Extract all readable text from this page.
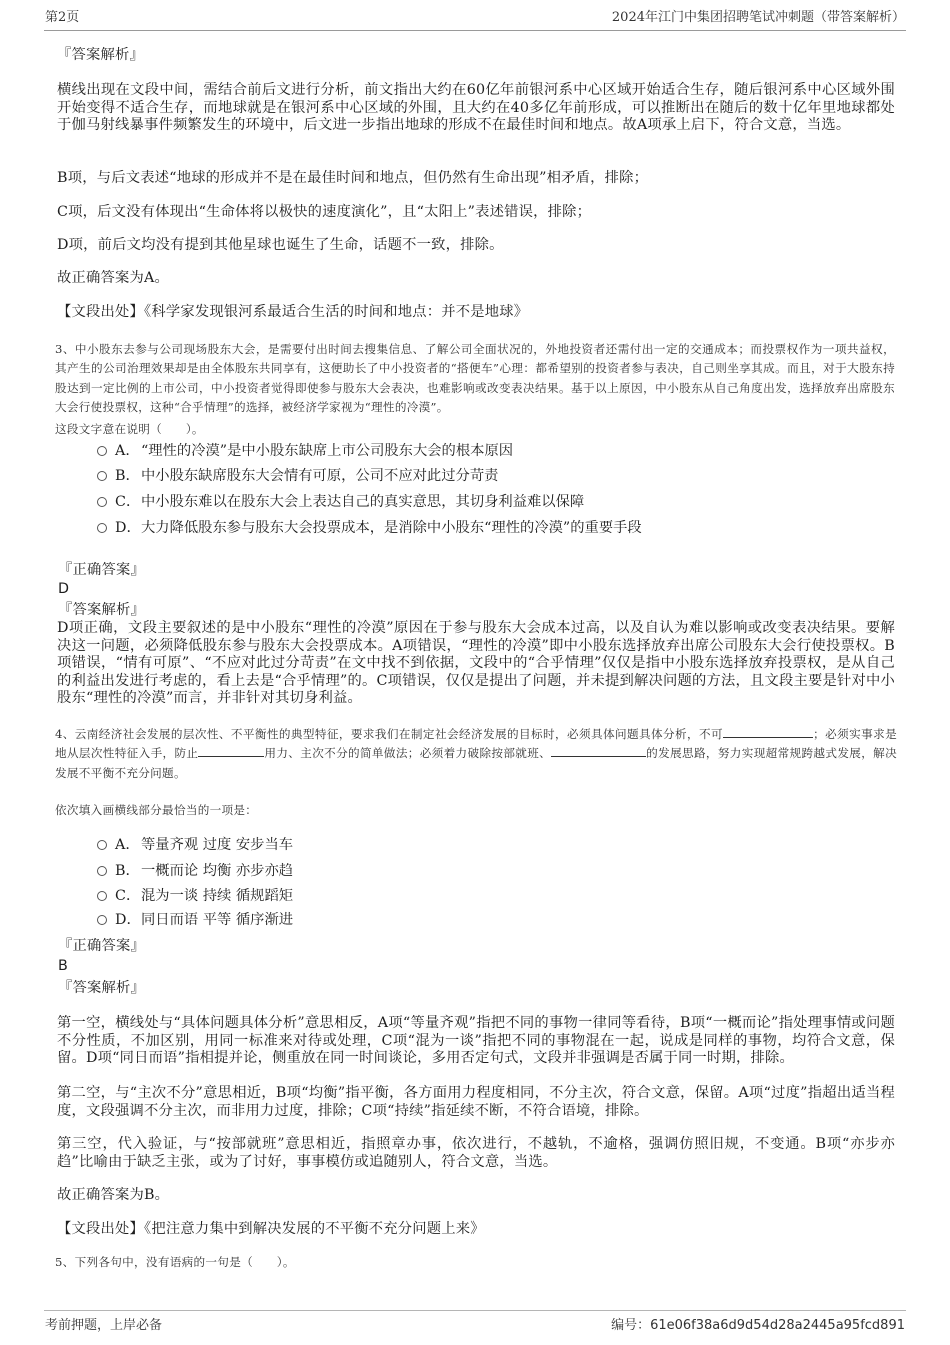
第2页	2024年江门中集团招聘笔试冲刺题（带答案解析）
『答案解析』
横线出现在文段中间，需结合前后文进行分析，前文指出大约在60亿年前银河系中心区域开始适合生存，随后银河系中心区域外围开始变得不适合生存，而地球就是在银河系中心区域的外围，且大约在40多亿年前形成，可以推断出在随后的数十亿年里地球都处于伽马射线暴事件频繁发生的环境中，后文进一步指出地球的形成不在最佳时间和地点。故A项承上启下，符合文意，当选。
B项，与后文表述“地球的形成并不是在最佳时间和地点，但仍然有生命出现”相矛盾，排除；
C项，后文没有体现出“生命体将以极快的速度演化”，且“太阳上”表述错误，排除；
D项，前后文均没有提到其他星球也诞生了生命，话题不一致，排除。
故正确答案为A。
【文段出处】《科学家发现银河系最适合生活的时间和地点：并不是地球》
3、中小股东去参与公司现场股东大会，是需要付出时间去搜集信息、了解公司全面状况的，外地投资者还需付出一定的交通成本；而投票权作为一项共益权，其产生的公司治理效果却是由全体股东共同享有，这便助长了中小投资者的“搭便车”心理：都希望别的投资者参与表决，自己则坐享其成。而且，对于大股东持股达到一定比例的上市公司，中小投资者觉得即使参与股东大会表决，也难影响或改变表决结果。基于以上原因，中小股东从自己角度出发，选择放弃出席股东大会行使投票权，这种“合乎情理”的选择，被经济学家视为“理性的冷漠”。
这段文字意在说明（　　）。
A．“理性的冷漠”是中小股东缺席上市公司股东大会的根本原因
B．中小股东缺席股东大会情有可原，公司不应对此过分苛责
C．中小股东难以在股东大会上表达自己的真实意思，其切身利益难以保障
D．大力降低股东参与股东大会投票成本，是消除中小股东“理性的冷漠”的重要手段
『正确答案』
D
『答案解析』
D项正确，文段主要叙述的是中小股东“理性的冷漠”原因在于参与股东大会成本过高，以及自认为难以影响或改变表决结果。要解决这一问题，必须降低股东参与股东大会投票成本。A项错误，“理性的冷漠”即中小股东选择放弃出席公司股东大会行使投票权。B项错误，“情有可原”、“不应对此过分苛责”在文中找不到依据，文段中的“合乎情理”仅仅是指中小股东选择放弃投票权，是从自己的利益出发进行考虑的，看上去是“合乎情理”的。C项错误，仅仅是提出了问题，并未提到解决问题的方法，且文段主要是针对中小股东“理性的冷漠”而言，并非针对其切身利益。
4、云南经济社会发展的层次性、不平衡性的典型特征，要求我们在制定社会经济发展的目标时，必须具体问题具体分析，不可	；必须实事求是地从层次性特征入手，防止	用力、主次不分的简单做法；必须着力破除按部就班、	的发展思路，努力实现超常规跨越式发展，解决发展不平衡不充分问题。
依次填入画横线部分最恰当的一项是：
A．等量齐观 过度 安步当车
B．一概而论 均衡 亦步亦趋
C．混为一谈 持续 循规蹈矩
D．同日而语 平等 循序渐进
『正确答案』
B
『答案解析』
第一空，横线处与“具体问题具体分析”意思相反，A项“等量齐观”指把不同的事物一律同等看待，B项“一概而论”指处理事情或问题不分性质，不加区别，用同一标准来对待或处理，C项“混为一谈”指把不同的事物混在一起，说成是同样的事物，均符合文意，保留。D项“同日而语”指相提并论，侧重放在同一时间谈论，多用否定句式，文段并非强调是否属于同一时期，排除。
第二空，与“主次不分”意思相近，B项“均衡”指平衡，各方面用力程度相同，不分主次，符合文意，保留。A项“过度”指超出适当程度，文段强调不分主次，而非用力过度，排除；C项“持续”指延续不断，不符合语境，排除。
第三空，代入验证，与“按部就班”意思相近，指照章办事，依次进行，不越轨，不逾格，强调仿照旧规，不变通。B项“亦步亦趋”比喻由于缺乏主张，或为了讨好，事事模仿或追随别人，符合文意，当选。
故正确答案为B。
【文段出处】《把注意力集中到解决发展的不平衡不充分问题上来》
5、下列各句中，没有语病的一句是（　　）。
考前押题，上岸必备	编号：61e06f38a6d9d54d28a2445a95fcd891
